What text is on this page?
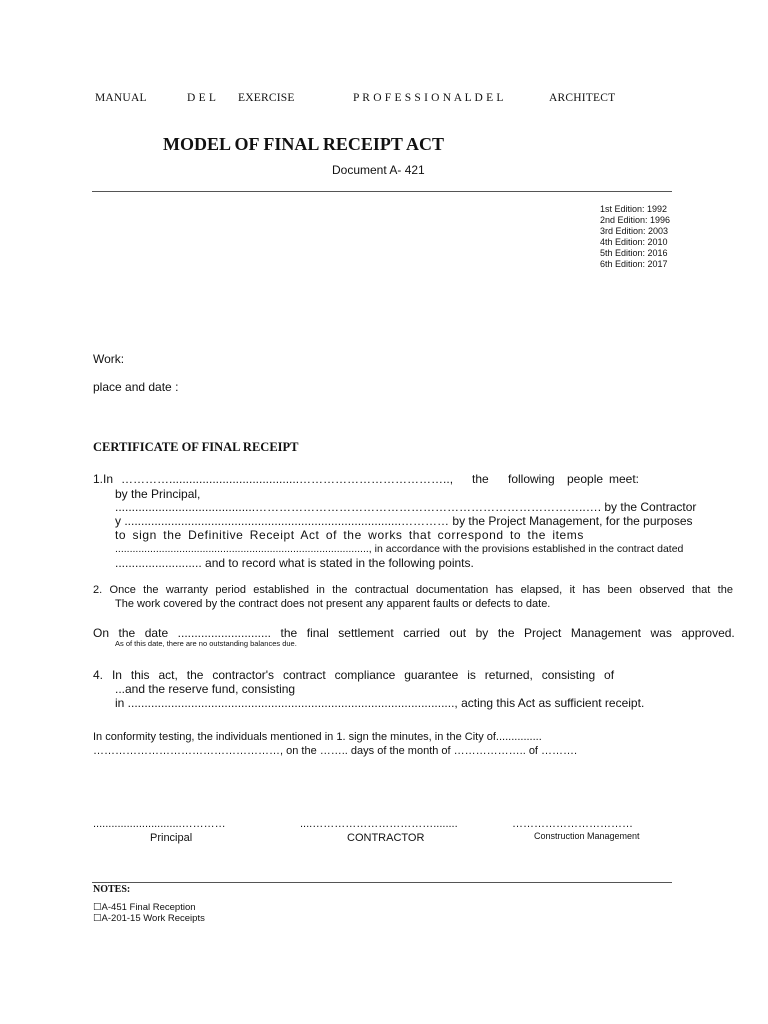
MANUAL	D E L EXERCISE	P R O F E S S I O N A L D E L	ARCHITECT
MODEL OF FINAL RECEIPT ACT
Document A- 421
1st Edition: 1992
2nd Edition: 1996
3rd Edition: 2003
4th Edition: 2010
5th Edition: 2016
6th Edition: 2017
Work:
place and date :
CERTIFICATE OF FINAL RECEIPT
1.In ………….......................................……………………………….., the following people meet:
by the Principal,
..........................................………………………………………………………………………..…. by the Contractor
y ...................................................................................………… by the Project Management, for the purposes
to sign the Definitive Receipt Act of the works that correspond to the items
......................................................................................., in accordance with the provisions established in the contract dated
.......................... and to record what is stated in the following points.
2. Once the warranty period established in the contractual documentation has elapsed, it has been observed that the
The work covered by the contract does not present any apparent faults or defects to date.
On the date ............................ the final settlement carried out by the Project Management was approved.
As of this date, there are no outstanding balances due.
4. In this act, the contractor's contract compliance guarantee is returned, consisting of
...and the reserve fund, consisting
in .................................................................................................., acting this Act as sufficient receipt.
In conformity testing, the individuals mentioned in 1. sign the minutes, in the City of...............
……………………………………………, on the …….. days of the month of ……………….. of ……….
.............................…………	....……………………………........	……………………………
Principal	CONTRACTOR	Construction Management
NOTES:
☐A-451 Final Reception
☐A-201-15 Work Receipts
